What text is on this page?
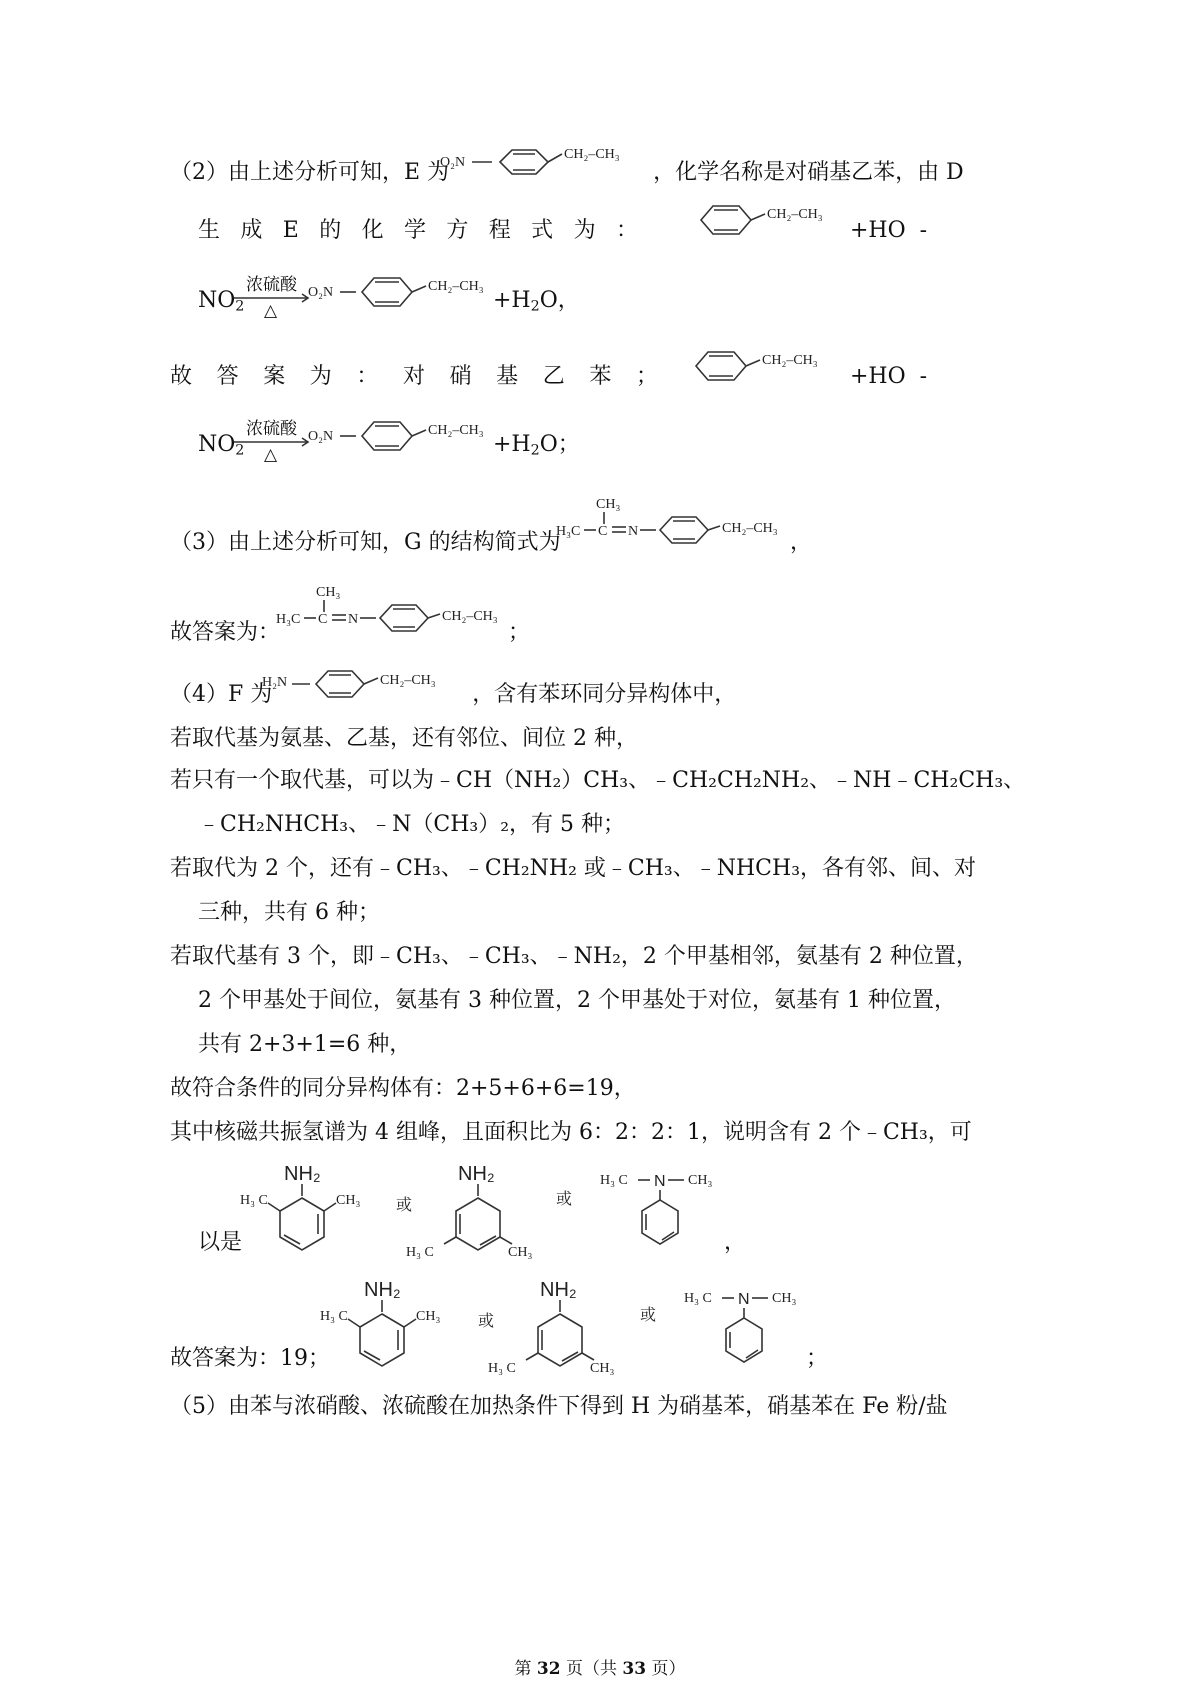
（2）由上述分析可知，E 为	，化学名称是对硝基乙苯，由 D
O₂N
CH₂–CH₃
生 成 E 的 化 学 方 程 式 为 ：	+HO  -
CH₂–CH₃
$NO_2$
浓硫酸
△
O₂N	CH₂–CH₃
$+H_2O$，
故 答 案 为 ： 对 硝 基 乙 苯 ；	+HO  -
CH₂–CH₃
$NO_2$
浓硫酸
△
O₂N	CH₂–CH₃
$+H_2O$；
（3）由上述分析可知，G 的结构简式为
CH₃
H₃C C N	CH₂–CH₃
，
故答案为：
CH₃
H₃C C N	CH₂–CH₃
；
（4）F 为	，含有苯环同分异构体中，
H₂N	CH₂–CH₃
若取代基为氨基、乙基，还有邻位、间位 2 种，
若只有一个取代基，可以为﹣CH（NH₂）CH₃、﹣CH₂CH₂NH₂、﹣NH﹣CH₂CH₃、
﹣CH₂NHCH₃、﹣N（CH₃）₂，有 5 种；
若取代为 2 个，还有﹣CH₃、﹣CH₂NH₂ 或﹣CH₃、﹣NHCH₃，各有邻、间、对
三种，共有 6 种；
若取代基有 3 个，即﹣CH₃、﹣CH₃、﹣NH₂，2 个甲基相邻，氨基有 2 种位置，
2 个甲基处于间位，氨基有 3 种位置，2 个甲基处于对位，氨基有 1 种位置，
共有 2+3+1=6 种，
故符合条件的同分异构体有：2+5+6+6=19，
其中核磁共振氢谱为 4 组峰，且面积比为 6：2：2：1，说明含有 2 个﹣CH₃，可
以是
NH₂
H₃ C	CH₃ 或
NH₂
H₃ C	CH₃
或
H₃ C N CH₃
，
故答案为：19；
NH₂
H₃ C	CH₃ 或
NH₂
H₃ C	CH₃
或
H₃ C N CH₃
；
（5）由苯与浓硝酸、浓硫酸在加热条件下得到 H 为硝基苯，硝基苯在 Fe 粉/盐
第 32 页（共 33 页）
